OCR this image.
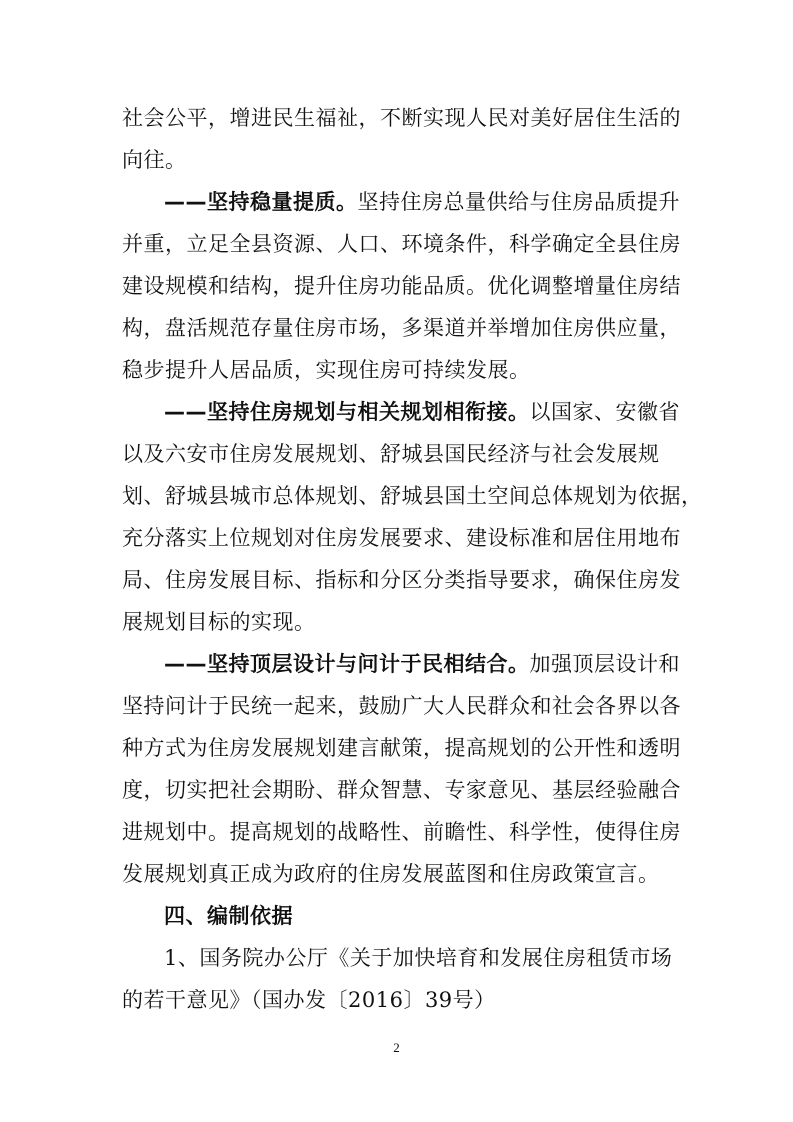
社会公平，增进民生福祉，不断实现人民对美好居住生活的
向往。
——坚持稳量提质。坚持住房总量供给与住房品质提升
并重，立足全县资源、人口、环境条件，科学确定全县住房
建设规模和结构，提升住房功能品质。优化调整增量住房结
构，盘活规范存量住房市场，多渠道并举增加住房供应量，
稳步提升人居品质，实现住房可持续发展。
——坚持住房规划与相关规划相衔接。以国家、安徽省
以及六安市住房发展规划、舒城县国民经济与社会发展规
划、舒城县城市总体规划、舒城县国土空间总体规划为依据，
充分落实上位规划对住房发展要求、建设标准和居住用地布
局、住房发展目标、指标和分区分类指导要求，确保住房发
展规划目标的实现。
——坚持顶层设计与问计于民相结合。加强顶层设计和
坚持问计于民统一起来，鼓励广大人民群众和社会各界以各
种方式为住房发展规划建言献策，提高规划的公开性和透明
度，切实把社会期盼、群众智慧、专家意见、基层经验融合
进规划中。提高规划的战略性、前瞻性、科学性，使得住房
发展规划真正成为政府的住房发展蓝图和住房政策宣言。
四、编制依据
1、国务院办公厅《关于加快培育和发展住房租赁市场
的若干意见》（国办发〔2016〕39号）
2
